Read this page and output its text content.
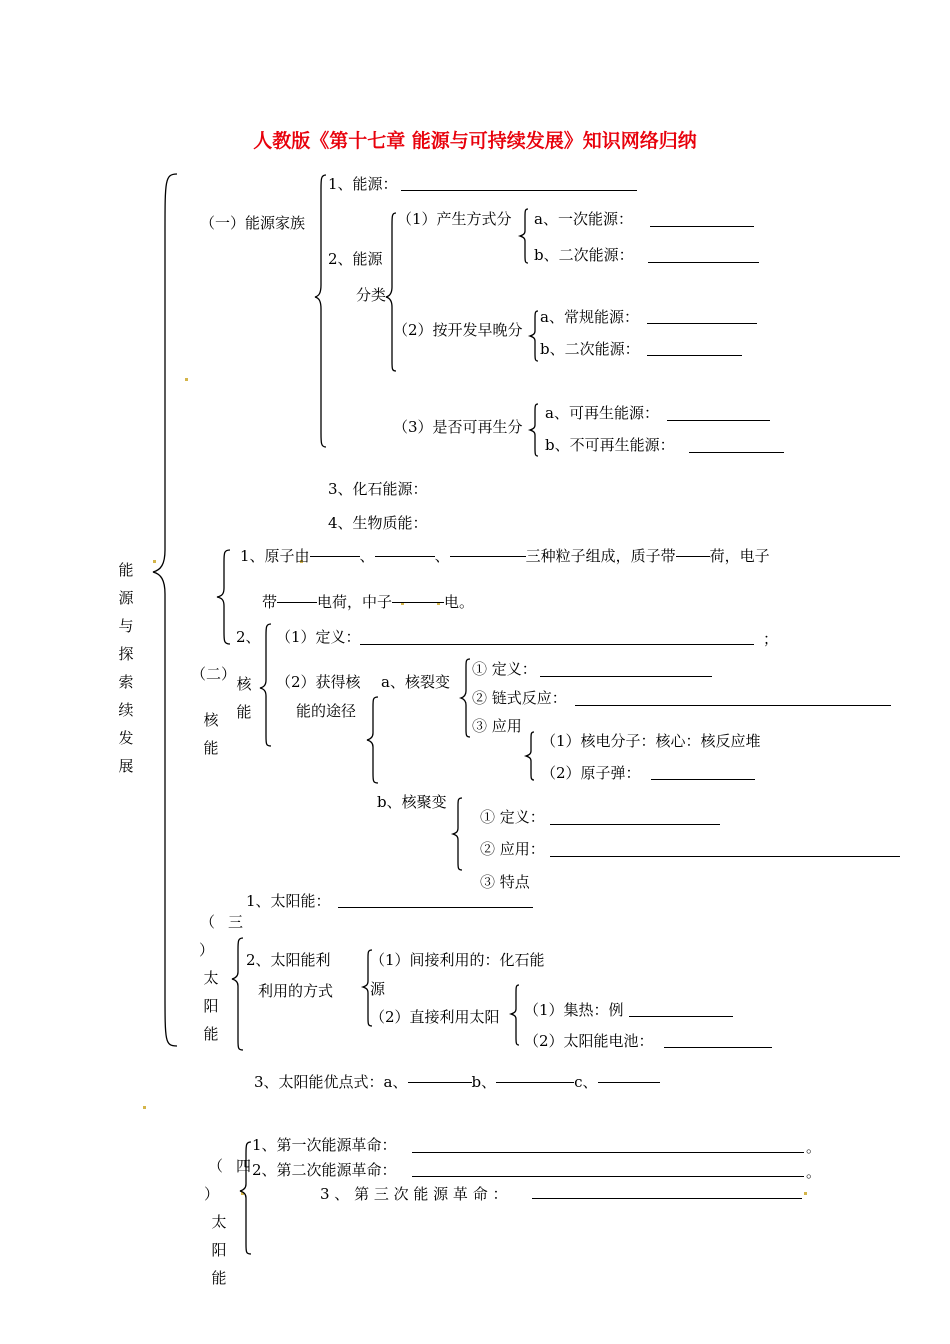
人教版《第十七章 能源与可持续发展》知识网络归纳
能源与探索续发展
（一）能源家族
1、能源：
2、能源
分类
（1）产生方式分 a、一次能源：
b、二次能源：
（2）按开发早晚分
a、常规能源：
b、二次能源：
（3）是否可再生分
a、可再生能源：
b、不可再生能源：
3、化石能源：
4、生物质能：
（二）
核能
1、原子由	、	、	三种粒子组成，质子带 荷，电子
带	电荷，中子	电。
2、
核能
（1）定义：	；
（2）获得核
能的途径
a、核裂变
① 定义：
② 链式反应：
③ 应用
（1）核电分子：核心：核反应堆
（2）原子弹：
b、核聚变
① 定义：
② 应用：
③ 特点
1、太阳能：
（ 三
）
太阳能
2、太阳能利
利用的方式
（1）间接利用的：化石能
源
（2）直接利用太阳 （1）集热：例
（2）太阳能电池：
3、太阳能优点式：a、	b、	c、
1、第一次能源革命：	。
（ 四 2、第二次能源革命：	。
）	3 、 第 三 次 能 源 革 命 ：
太阳能
